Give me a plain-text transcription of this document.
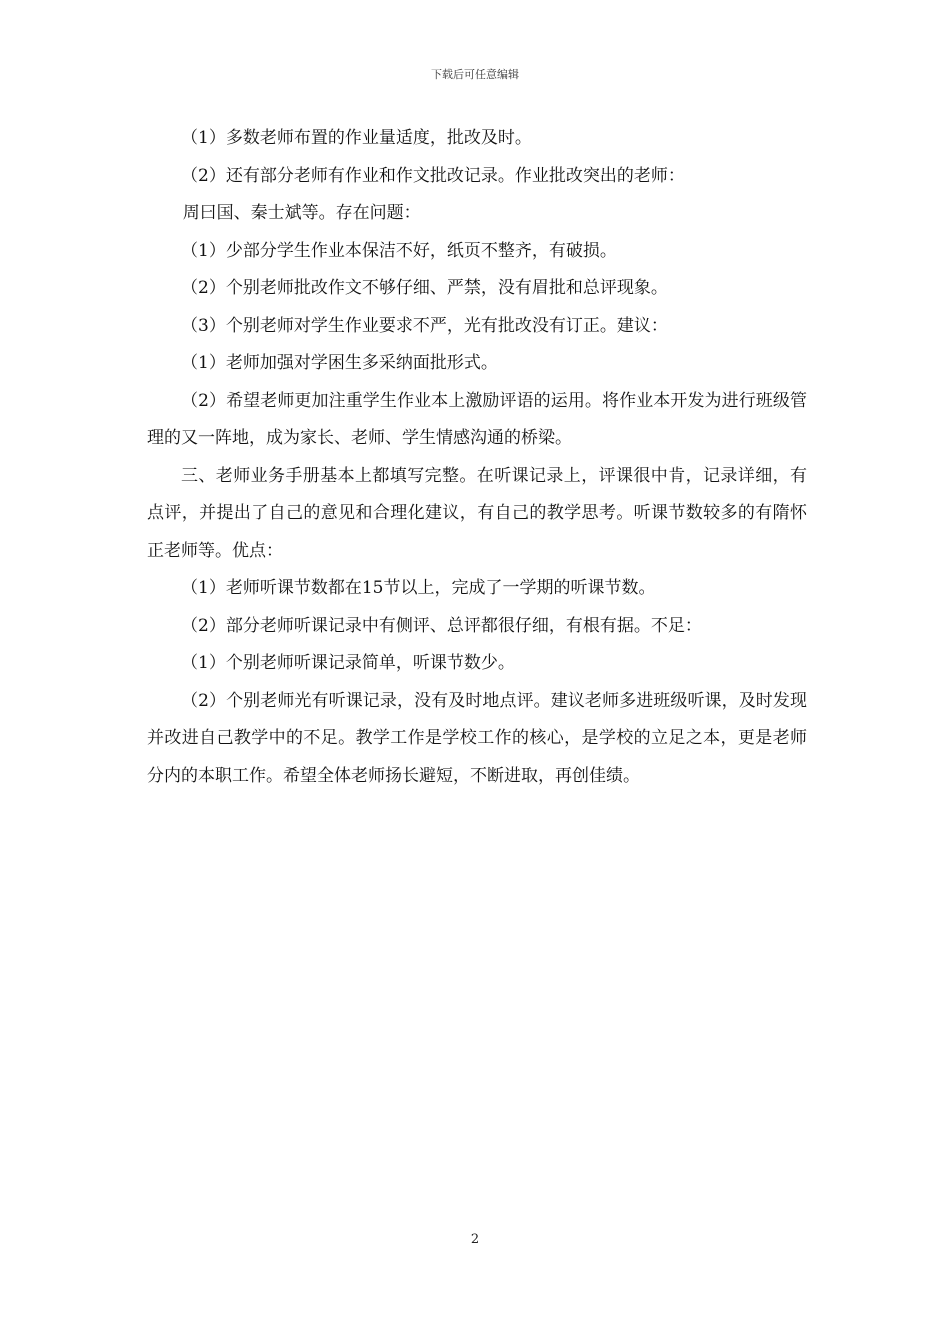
下载后可任意编辑

（1）多数老师布置的作业量适度，批改及时。

（2）还有部分老师有作业和作文批改记录。作业批改突出的老师：

周曰国、秦士斌等。存在问题：

（1）少部分学生作业本保洁不好，纸页不整齐，有破损。

（2）个别老师批改作文不够仔细、严禁，没有眉批和总评现象。

（3）个别老师对学生作业要求不严，光有批改没有订正。建议：

（1）老师加强对学困生多采纳面批形式。

（2）希望老师更加注重学生作业本上激励评语的运用。将作业本开发为进行班级管理的又一阵地，成为家长、老师、学生情感沟通的桥梁。

三、老师业务手册基本上都填写完整。在听课记录上，评课很中肯，记录详细，有点评，并提出了自己的意见和合理化建议，有自己的教学思考。听课节数较多的有隋怀正老师等。优点：

（1）老师听课节数都在15节以上，完成了一学期的听课节数。

（2）部分老师听课记录中有侧评、总评都很仔细，有根有据。不足：

（1）个别老师听课记录简单，听课节数少。

（2）个别老师光有听课记录，没有及时地点评。建议老师多进班级听课，及时发现并改进自己教学中的不足。教学工作是学校工作的核心，是学校的立足之本，更是老师分内的本职工作。希望全体老师扬长避短，不断进取，再创佳绩。

2
